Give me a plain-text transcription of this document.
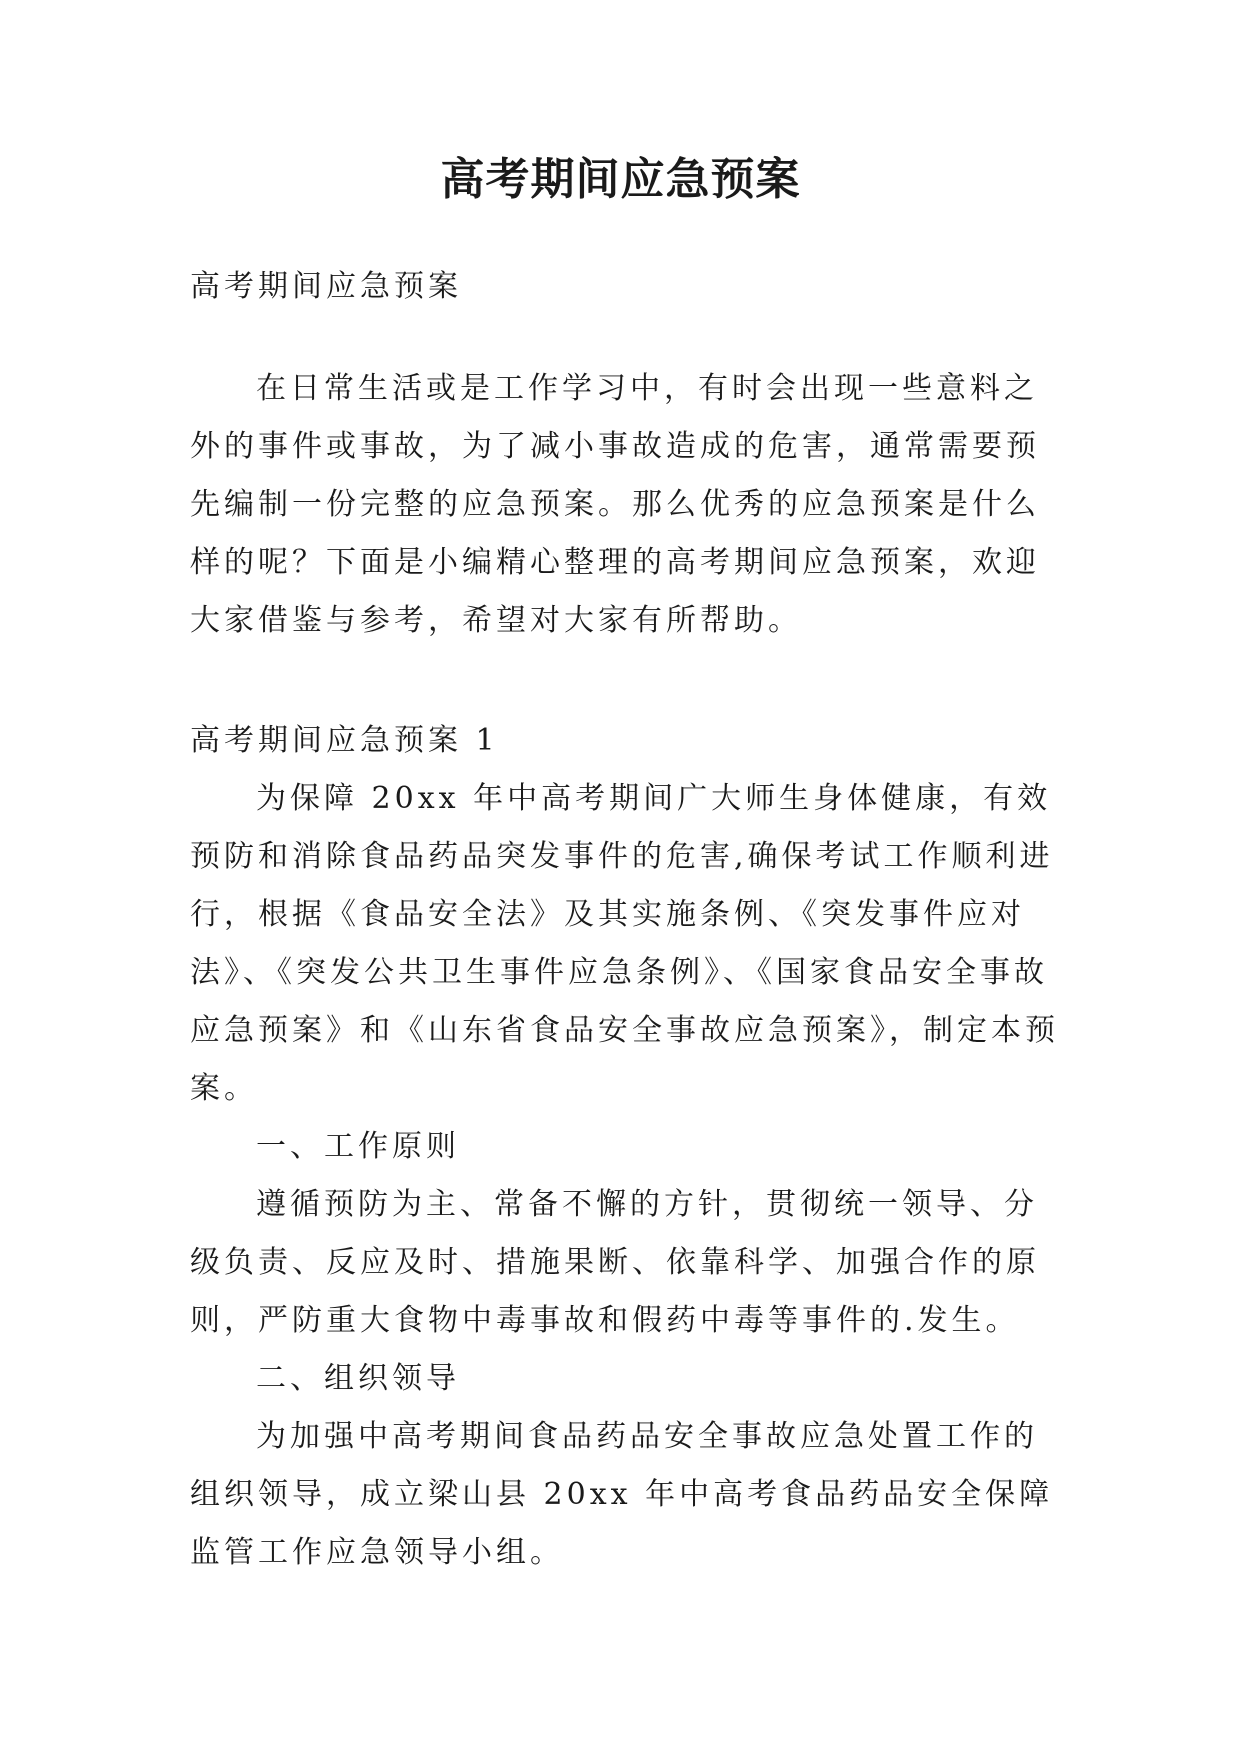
高考期间应急预案

高考期间应急预案

在日常生活或是工作学习中，有时会出现一些意料之外的事件或事故，为了减小事故造成的危害，通常需要预先编制一份完整的应急预案。那么优秀的应急预案是什么样的呢？下面是小编精心整理的高考期间应急预案，欢迎大家借鉴与参考，希望对大家有所帮助。

高考期间应急预案 1

为保障 20xx 年中高考期间广大师生身体健康，有效预防和消除食品药品突发事件的危害,确保考试工作顺利进行，根据《食品安全法》及其实施条例、《突发事件应对法》、《突发公共卫生事件应急条例》、《国家食品安全事故应急预案》和《山东省食品安全事故应急预案》，制定本预案。

一、工作原则

遵循预防为主、常备不懈的方针，贯彻统一领导、分级负责、反应及时、措施果断、依靠科学、加强合作的原则，严防重大食物中毒事故和假药中毒等事件的.发生。

二、组织领导

为加强中高考期间食品药品安全事故应急处置工作的组织领导，成立梁山县 20xx 年中高考食品药品安全保障监管工作应急领导小组。
